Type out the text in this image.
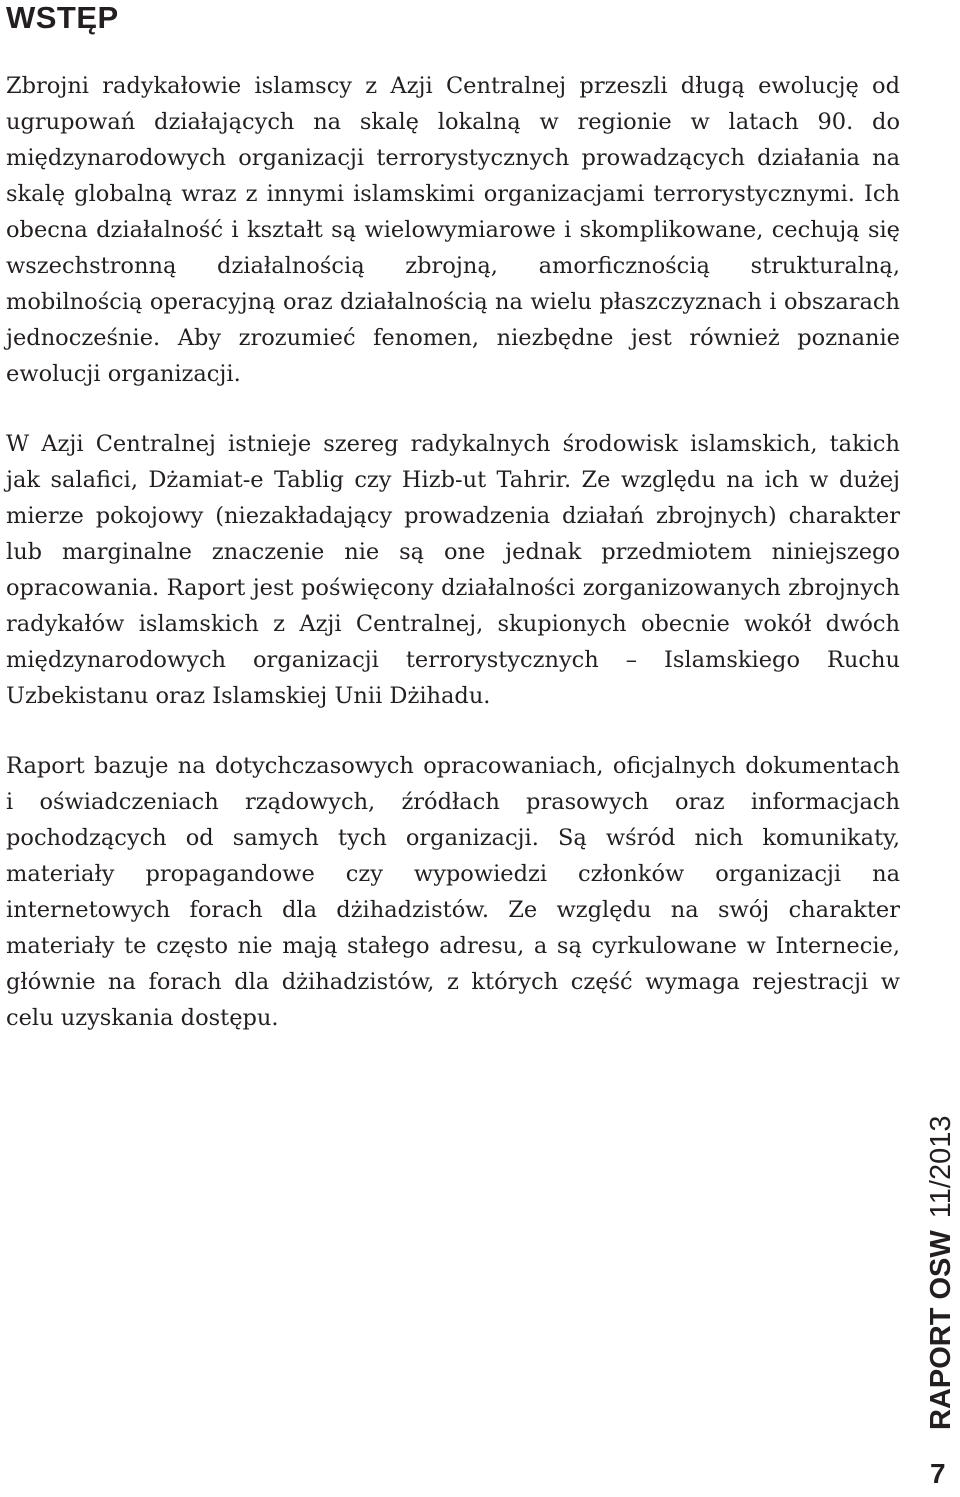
WSTĘP

Zbrojni radykałowie islamscy z Azji Centralnej przeszli długą ewolucję od ugrupowań działających na skalę lokalną w regionie w latach 90. do międzynarodowych organizacji terrorystycznych prowadzących działania na skalę globalną wraz z innymi islamskimi organizacjami terrorystycznymi. Ich obecna działalność i kształt są wielowymiarowe i skomplikowane, cechują się wszechstronną działalnością zbrojną, amorficznością strukturalną, mobilnością operacyjną oraz działalnością na wielu płaszczyznach i obszarach jednocześnie. Aby zrozumieć fenomen, niezbędne jest również poznanie ewolucji organizacji.

W Azji Centralnej istnieje szereg radykalnych środowisk islamskich, takich jak salafici, Dżamiat-e Tablig czy Hizb-ut Tahrir. Ze względu na ich w dużej mierze pokojowy (niezakładający prowadzenia działań zbrojnych) charakter lub marginalne znaczenie nie są one jednak przedmiotem niniejszego opracowania. Raport jest poświęcony działalności zorganizowanych zbrojnych radykałów islamskich z Azji Centralnej, skupionych obecnie wokół dwóch międzynarodowych organizacji terrorystycznych – Islamskiego Ruchu Uzbekistanu oraz Islamskiej Unii Dżihadu.

Raport bazuje na dotychczasowych opracowaniach, oficjalnych dokumentach i oświadczeniach rządowych, źródłach prasowych oraz informacjach pochodzących od samych tych organizacji. Są wśród nich komunikaty, materiały propagandowe czy wypowiedzi członków organizacji na internetowych forach dla dżihadzistów. Ze względu na swój charakter materiały te często nie mają stałego adresu, a są cyrkulowane w Internecie, głównie na forach dla dżihadzistów, z których część wymaga rejestracji w celu uzyskania dostępu.

RAPORT OSW11/2013
7
